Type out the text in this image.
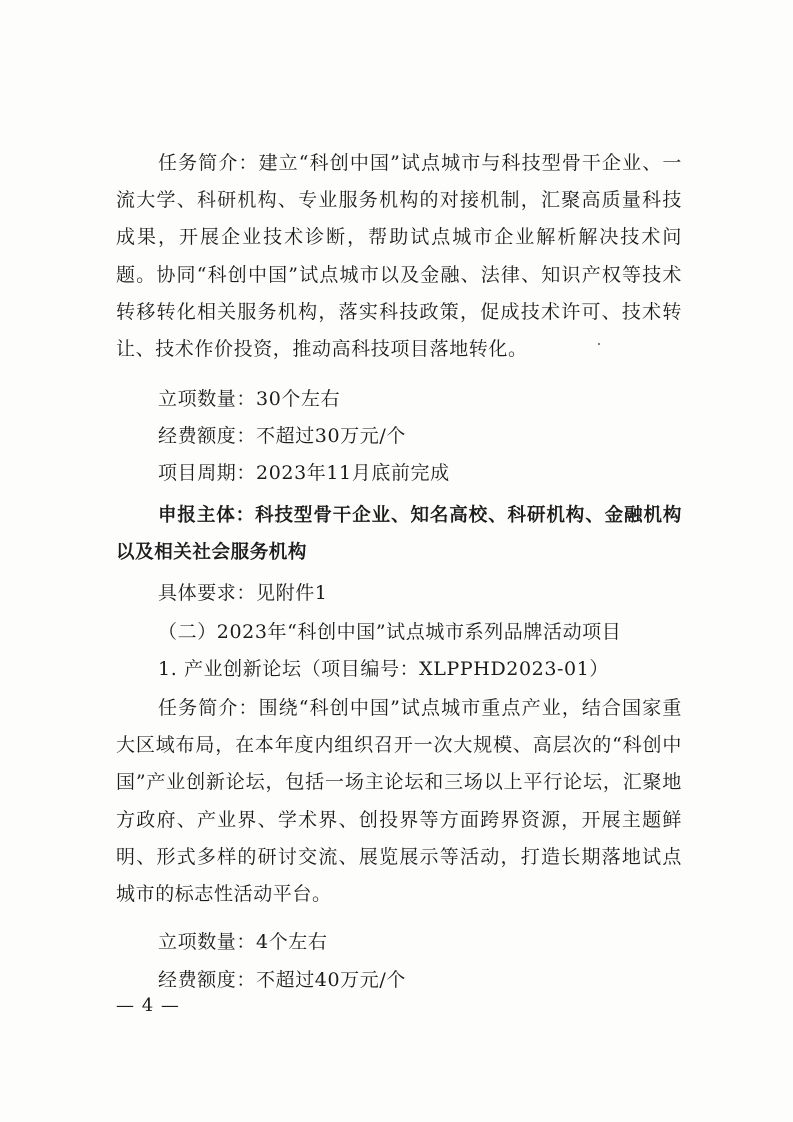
任务简介：建立“科创中国”试点城市与科技型骨干企业、一流大学、科研机构、专业服务机构的对接机制，汇聚高质量科技成果，开展企业技术诊断，帮助试点城市企业解析解决技术问题。协同“科创中国”试点城市以及金融、法律、知识产权等技术转移转化相关服务机构，落实科技政策，促成技术许可、技术转让、技术作价投资，推动高科技项目落地转化。

立项数量：30个左右

经费额度：不超过30万元/个

项目周期：2023年11月底前完成

申报主体：科技型骨干企业、知名高校、科研机构、金融机构以及相关社会服务机构

具体要求：见附件1

（二）2023年“科创中国”试点城市系列品牌活动项目

1. 产业创新论坛（项目编号：XLPPHD2023-01）

任务简介：围绕“科创中国”试点城市重点产业，结合国家重大区域布局，在本年度内组织召开一次大规模、高层次的“科创中国”产业创新论坛，包括一场主论坛和三场以上平行论坛，汇聚地方政府、产业界、学术界、创投界等方面跨界资源，开展主题鲜明、形式多样的研讨交流、展览展示等活动，打造长期落地试点城市的标志性活动平台。

立项数量：4个左右

经费额度：不超过40万元/个

— 4 —
